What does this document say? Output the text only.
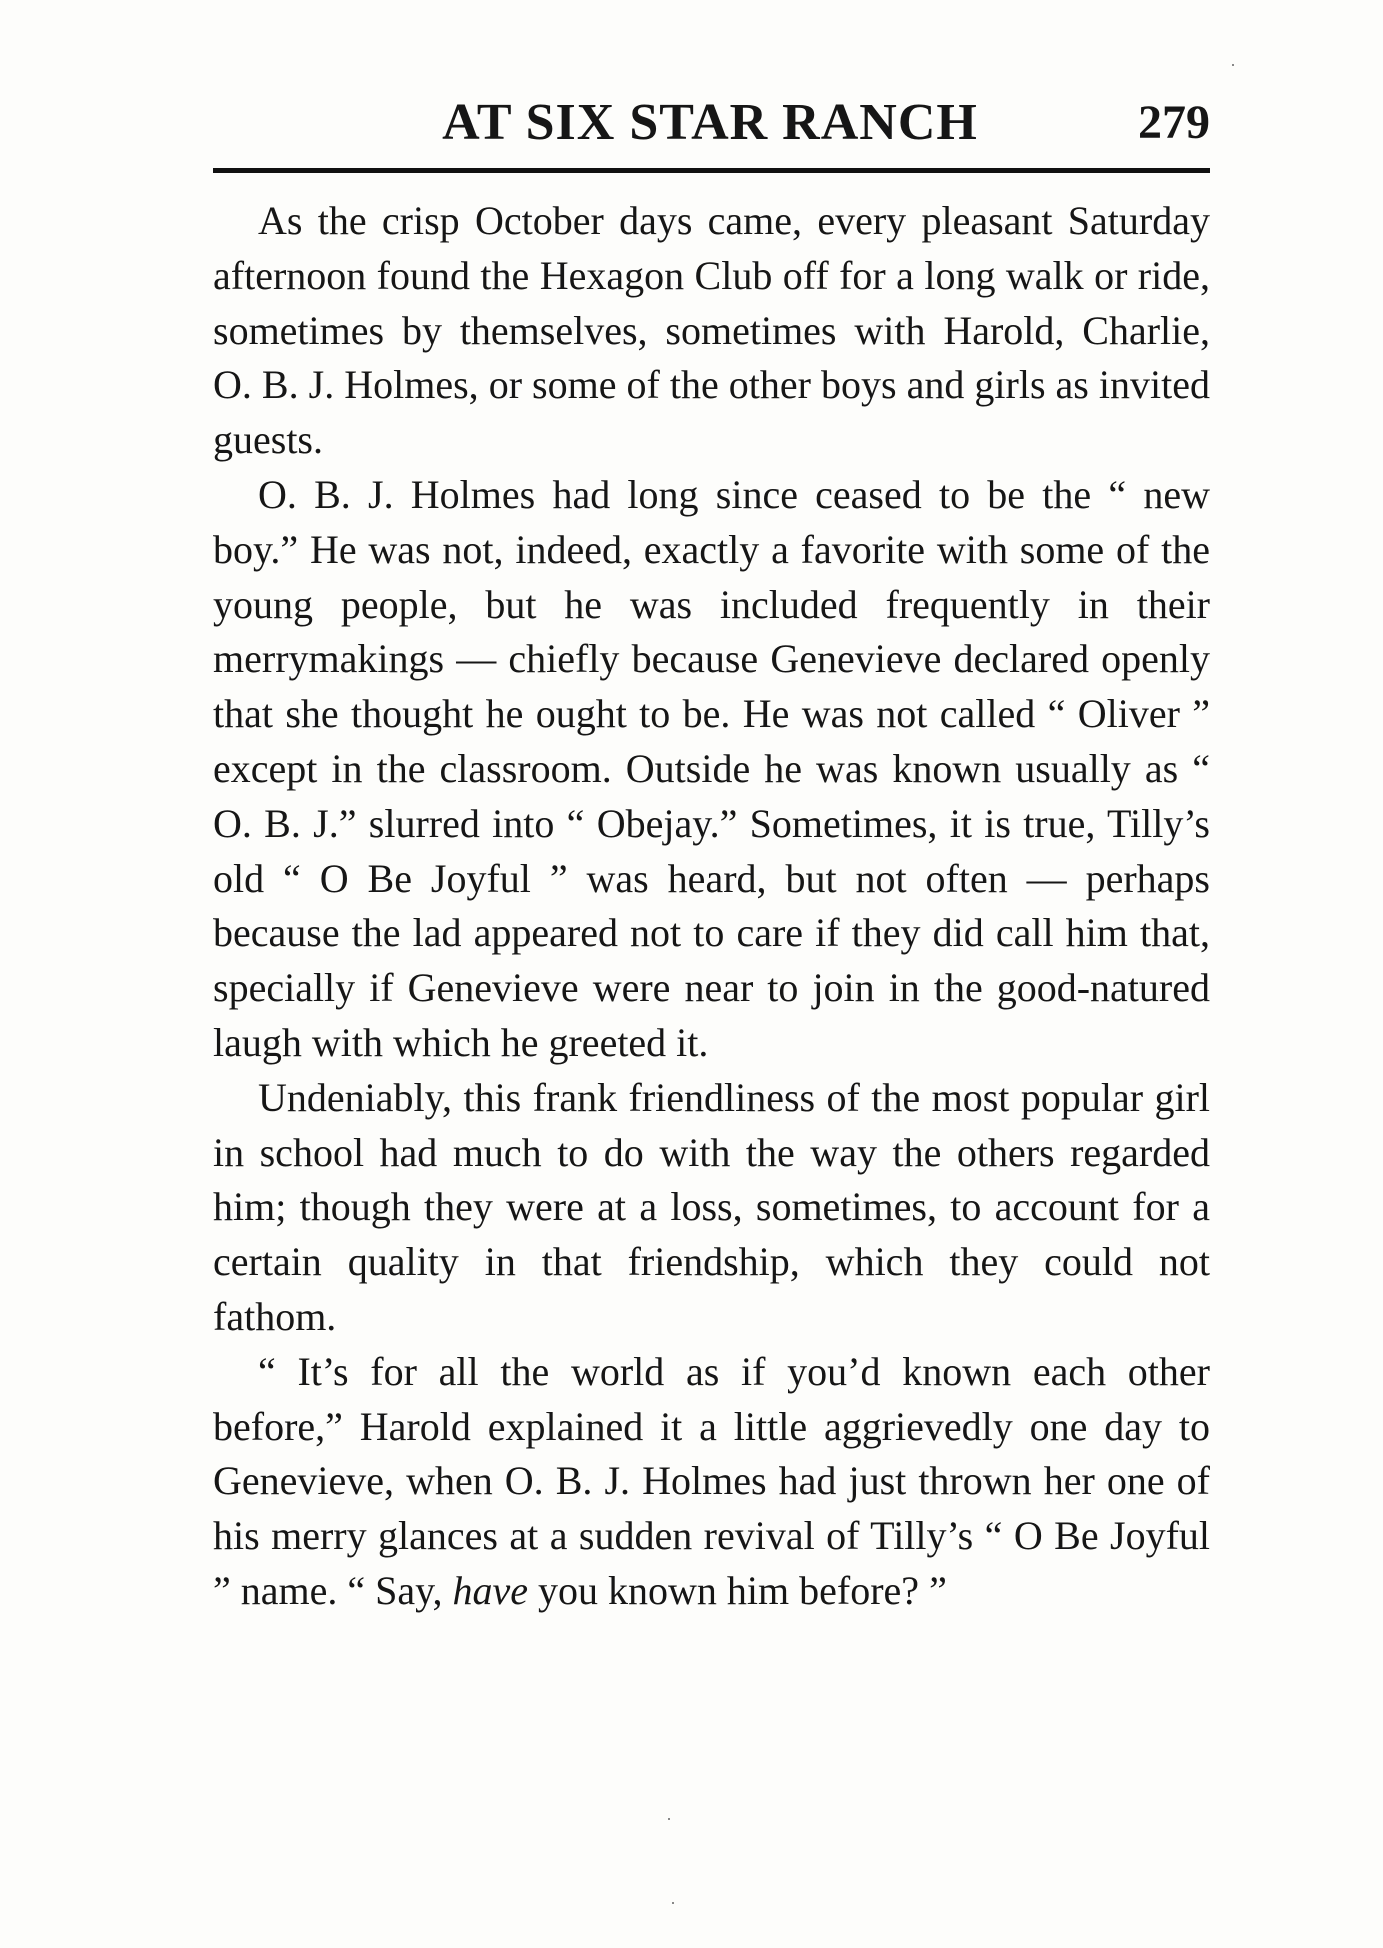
AT SIX STAR RANCH	279

As the crisp October days came, every pleasant Saturday afternoon found the Hexagon Club off for a long walk or ride, sometimes by themselves, sometimes with Harold, Charlie, O. B. J. Holmes, or some of the other boys and girls as invited guests.

O. B. J. Holmes had long since ceased to be the “ new boy.” He was not, indeed, exactly a favorite with some of the young people, but he was included frequently in their merrymakings — chiefly because Genevieve declared openly that she thought he ought to be. He was not called “ Oliver ” except in the classroom. Outside he was known usually as “ O. B. J.” slurred into “ Obejay.” Sometimes, it is true, Tilly’s old “ O Be Joyful ” was heard, but not often — perhaps because the lad appeared not to care if they did call him that, specially if Genevieve were near to join in the good-natured laugh with which he greeted it.

Undeniably, this frank friendliness of the most popular girl in school had much to do with the way the others regarded him; though they were at a loss, sometimes, to account for a certain quality in that friendship, which they could not fathom.

“ It’s for all the world as if you’d known each other before,” Harold explained it a little aggrievedly one day to Genevieve, when O. B. J. Holmes had just thrown her one of his merry glances at a sudden revival of Tilly’s “ O Be Joyful ” name. “ Say, have you known him before? ”
